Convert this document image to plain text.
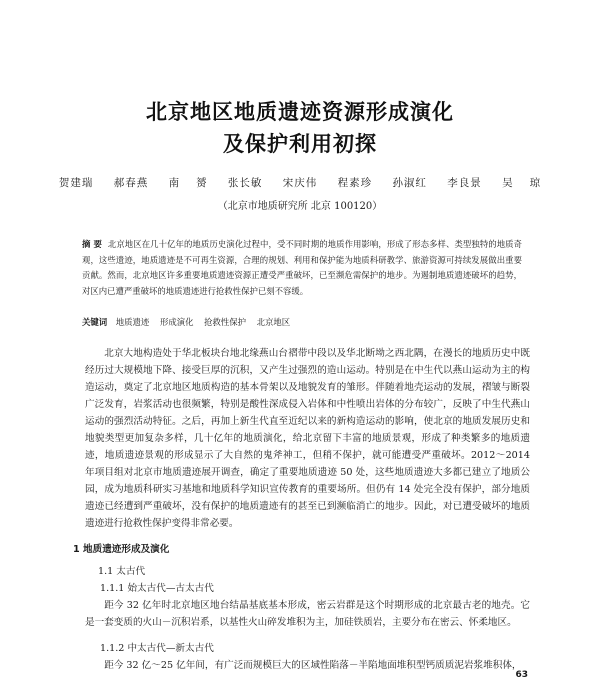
北京地区地质遗迹资源形成演化
及保护利用初探
贺建瑞 郝春燕 南 赟 张长敏 宋庆伟 程素珍 孙淑红 李良景 吴 琼
（北京市地质研究所 北京 100120）
摘 要 北京地区在几十亿年的地质历史演化过程中，受不同时期的地质作用影响，形成了形态多样、类型独特的地质奇观，这些遗迹，地质遗迹是不可再生资源，合理的规划、利用和保护能为地质科研教学、旅游资源可持续发展做出重要贡献。然而，北京地区许多重要地质遗迹资源正遭受严重破坏，已至濒危需保护的地步。为遏制地质遗迹破坏的趋势，对区内已遭严重破坏的地质遗迹进行抢救性保护已刻不容缓。
关键词 地质遗迹 形成演化 抢救性保护 北京地区
北京大地构造处于华北板块台地北缘燕山台褶带中段以及华北断坳之西北隅，在漫长的地质历史中既经历过大规模地下降、接受巨厚的沉积，又产生过强烈的造山运动。特别是在中生代以燕山运动为主的构造运动，奠定了北京地区地质构造的基本骨架以及地貌发育的雏形。伴随着地壳运动的发展，褶皱与断裂广泛发育，岩浆活动也很频繁，特别是酸性深成侵入岩体和中性喷出岩体的分布较广，反映了中生代燕山运动的强烈活动特征。之后，再加上新生代直至近纪以来的新构造运动的影响，使北京的地质发展历史和地貌类型更加复杂多样，几十亿年的地质演化，给北京留下丰富的地质景观，形成了种类繁多的地质遗迹，地质遗迹景观的形成显示了大自然的鬼斧神工，但稍不保护，就可能遭受严重破坏。2012～2014 年项目组对北京市地质遗迹展开调查，确定了重要地质遗迹 50 处，这些地质遗迹大多都已建立了地质公园，成为地质科研实习基地和地质科学知识宣传教育的重要场所。但仍有 14 处完全没有保护，部分地质遗迹已经遭到严重破坏，没有保护的地质遗迹有的甚至已到濒临消亡的地步。因此，对已遭受破坏的地质遗迹进行抢救性保护变得非常必要。
1 地质遗迹形成及演化
1.1 太古代
1.1.1 始太古代—古太古代
距今 32 亿年时北京地区地台结晶基底基本形成，密云岩群是这个时期形成的北京最古老的地壳。它是一套变质的火山－沉积岩系，以基性火山碎发堆积为主，加硅铁质岩，主要分布在密云、怀柔地区。
1.1.2 中太古代—新太古代
距今 32 亿～25 亿年间，有广泛而规模巨大的区域性陷落－半陷地面堆积型钙质质泥岩浆堆积体，
63
